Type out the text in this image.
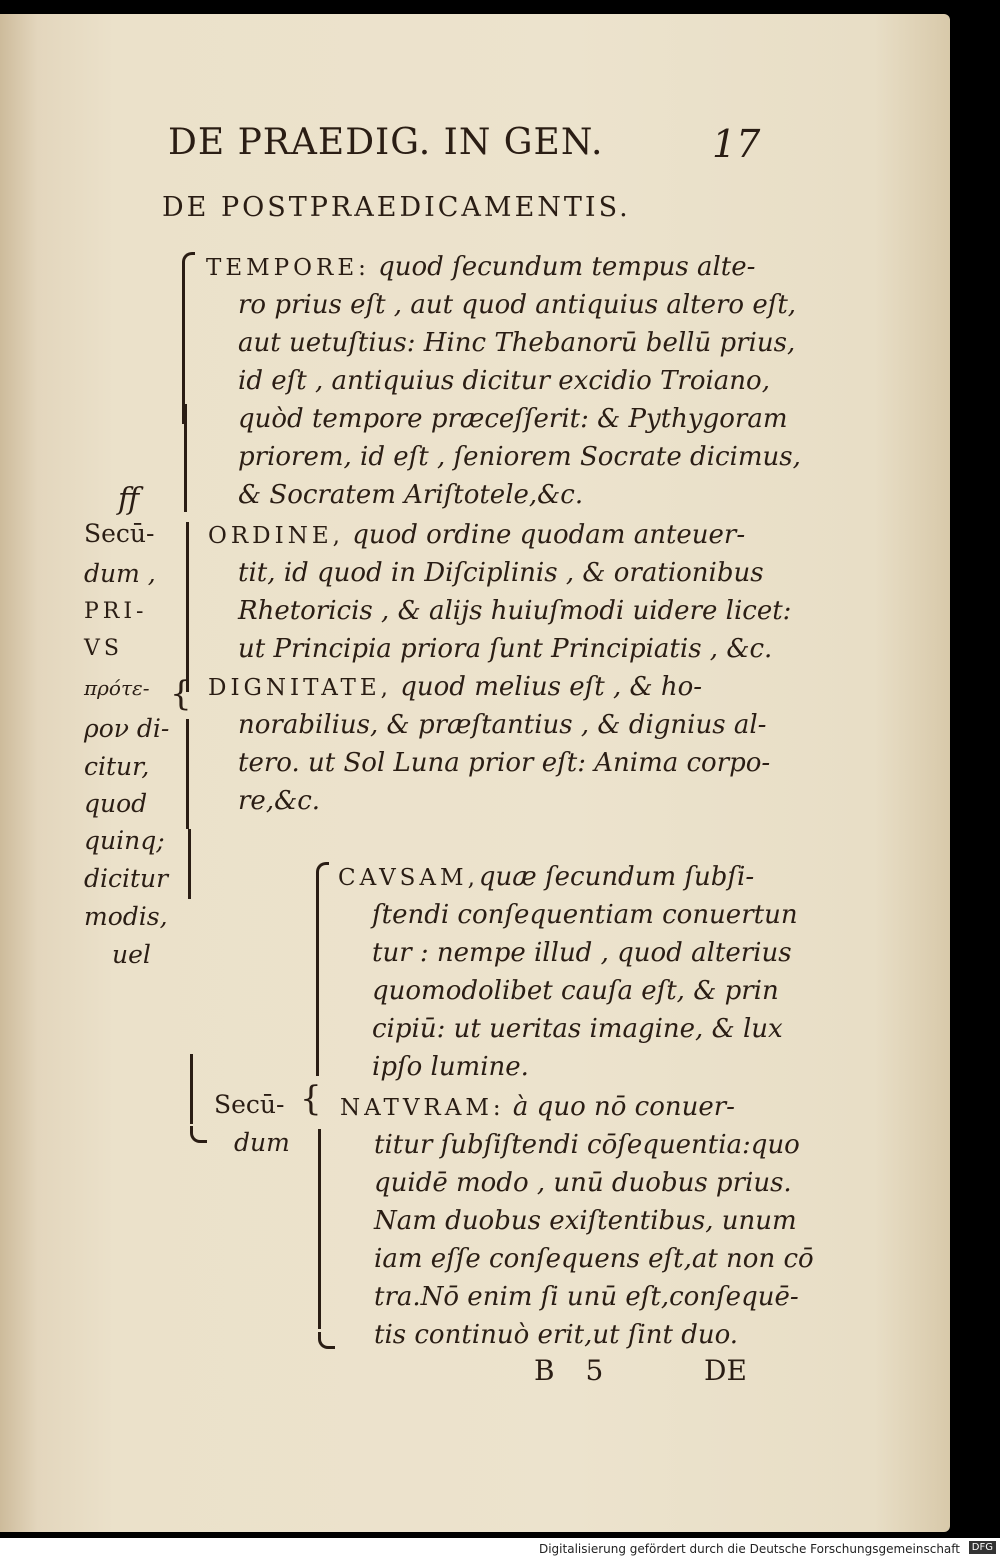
DE PRAEDIG. IN GEN.	17
DE POSTPRAEDICAMENTIS.
{
{
ff
Secū-
dum ,
PRI-
VS
πρότε-
ρον di-
citur,
quod
quinq;
dicitur
modis,
uel
TEMPORE: quod ſecundum tempus alte-
ro prius eſt , aut quod antiquius altero eſt,
aut uetuſtius: Hinc Thebanorū bellū prius,
id eſt , antiquius dicitur excidio Troiano,
quòd tempore præceſſerit: & Pythygoram
priorem, id eſt , ſeniorem Socrate dicimus,
& Socratem Ariſtotele,&c.
ORDINE, quod ordine quodam anteuer-
tit, id quod in Diſciplinis , & orationibus
Rhetoricis , & alijs huiuſmodi uidere licet:
ut Principia priora ſunt Principiatis , &c.
DIGNITATE, quod melius eſt , & ho-
norabilius, & præſtantius , & dignius al-
tero. ut Sol Luna prior eſt: Anima corpo-
re,&c.
Secū-
dum
CAVSAM,quæ ſecundum ſubſi-
ſtendi conſequentiam conuertun
tur : nempe illud , quod alterius
quomodolibet cauſa eſt, & prin
cipiū: ut ueritas imagine, & lux
ipſo lumine.
NATVRAM: à quo nō conuer-
titur ſubſiſtendi cōſequentia:quo
quidē modo , unū duobus prius.
Nam duobus exiſtentibus, unum
iam eſſe conſequens eſt,at non cō
tra.Nō enim ſi unū eſt,conſequē-
tis continuò erit,ut ſint duo.
B 5	DE
Digitalisierung gefördert durch die Deutsche Forschungsgemeinschaft	DFG
